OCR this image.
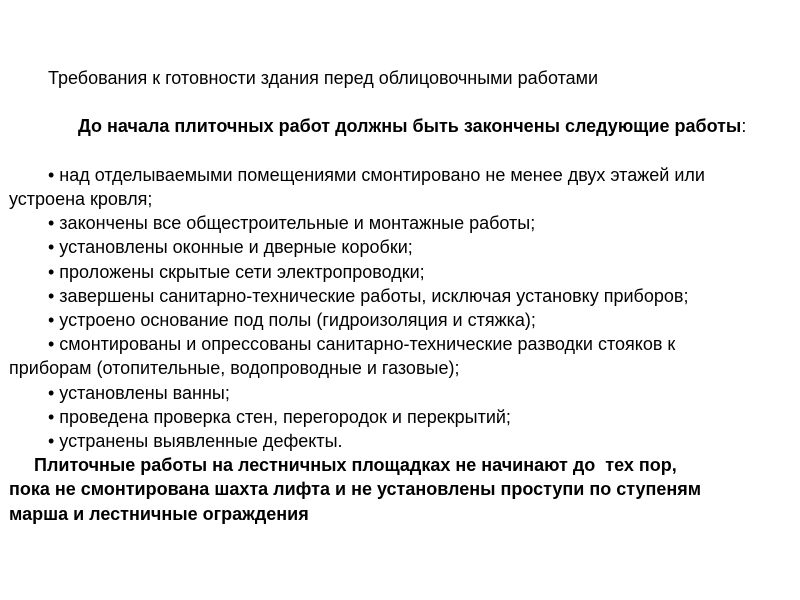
Требования к готовности здания перед облицовочными работами

До начала плиточных работ должны быть закончены следующие работы:

• над отделываемыми помещениями смонтировано не менее двух этажей или
устроена кровля;
• закончены все общестроительные и монтажные работы;
• установлены оконные и дверные коробки;
• проложены скрытые сети электропроводки;
• завершены санитарно-технические работы, исключая установку приборов;
• устроено основание под полы (гидроизоляция и стяжка);
• смонтированы и опрессованы санитарно-технические разводки стояков к
приборам (отопительные, водопроводные и газовые);
• установлены ванны;
• проведена проверка стен, перегородок и перекрытий;
• устранены выявленные дефекты.
Плиточные работы на лестничных площадках не начинают до  тех пор,
пока не смонтирована шахта лифта и не установлены проступи по ступеням
марша и лестничные ограждения
